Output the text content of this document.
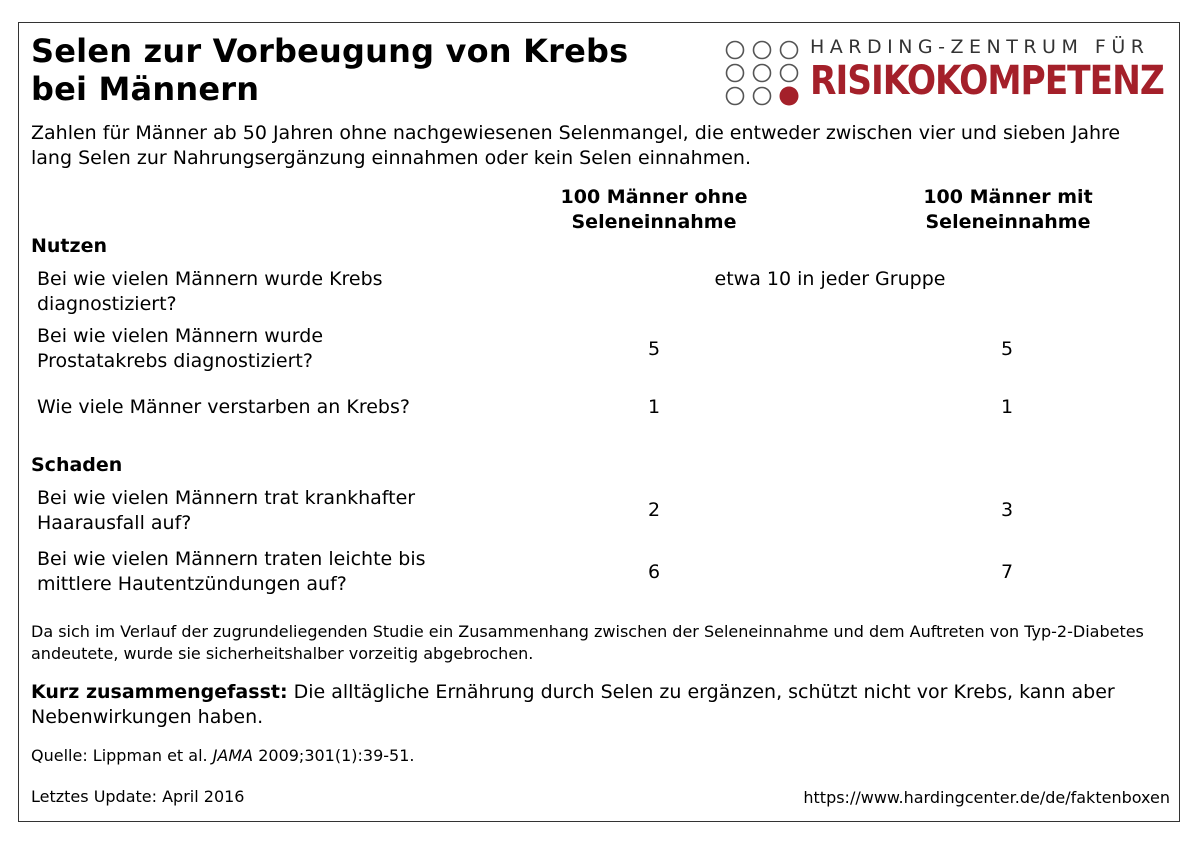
Selen zur Vorbeugung von Krebs
bei Männern
HARDING-ZENTRUM FÜR
RISIKOKOMPETENZ

Zahlen für Männer ab 50 Jahren ohne nachgewiesenen Selenmangel, die entweder zwischen vier und sieben Jahre lang Selen zur Nahrungsergänzung einnahmen oder kein Selen einnahmen.

100 Männer ohne
Seleneinnahme
100 Männer mit
Seleneinnahme
Nutzen
Bei wie vielen Männern wurde Krebs
diagnostiziert?
etwa 10 in jeder Gruppe
Bei wie vielen Männern wurde
Prostatakrebs diagnostiziert?
5	5
Wie viele Männer verstarben an Krebs?	1	1
Schaden
Bei wie vielen Männern trat krankhafter
Haarausfall auf?
2	3
Bei wie vielen Männern traten leichte bis
mittlere Hautentzündungen auf?
6	7
Da sich im Verlauf der zugrundeliegenden Studie ein Zusammenhang zwischen der Seleneinnahme und dem Auftreten von Typ-2-Diabetes andeutete, wurde sie sicherheitshalber vorzeitig abgebrochen.
Kurz zusammengefasst: Die alltägliche Ernährung durch Selen zu ergänzen, schützt nicht vor Krebs, kann aber Nebenwirkungen haben.
Quelle: Lippman et al. JAMA 2009;301(1):39-51.
Letztes Update: April 2016	https://www.hardingcenter.de/de/faktenboxen
